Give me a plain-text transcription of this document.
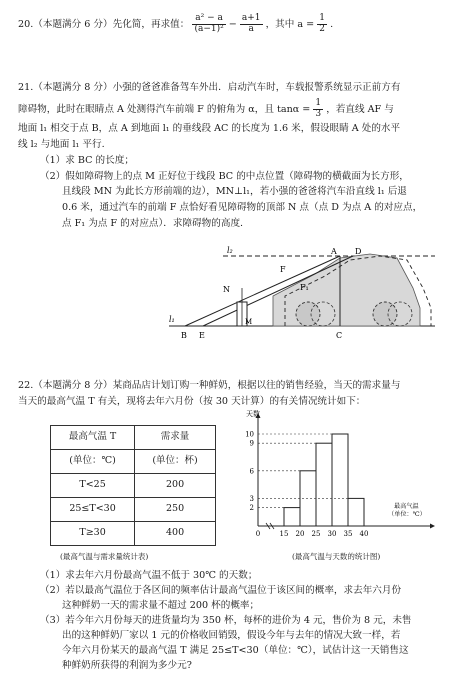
20.（本题满分 6 分）先化简，再求值： $\frac{\text{a² − a}}{\text{(a−1)²}} - \frac{a+1}{a}$ ，其中 $a = \frac{1}{2}$ .
21.（本题满分 8 分）小强的爸爸准备驾车外出．启动汽车时，车载报警系统显示正前方有
障碍物，此时在眼睛点 A 处测得汽车前端 F 的俯角为 α，且 $\tan\alpha = \frac{1}{3}$ ，若直线 AF 与
地面 l₁ 相交于点 B，点 A 到地面 l₁ 的垂线段 AC 的长度为 1.6 米，假设眼睛 A 处的水平
线 l₂ 与地面 l₁ 平行.
（1）求 BC 的长度；
（2）假如障碍物上的点 M 正好位于线段 BC 的中点位置（障碍物的横截面为长方形，
且线段 MN 为此长方形前端的边），MN⊥l₁，若小强的爸爸将汽车沿直线 l₁ 后退
0.6 米，通过汽车的前端 F 点恰好看见障碍物的顶部 N 点（点 D 为点 A 的对应点，
点 F₁ 为点 F 的对应点）．求障碍物的高度.
l₂	A D
F
F₁
N
l₁
B E
M
C
22.（本题满分 8 分）某商品店计划订购一种鲜奶，根据以往的销售经验，当天的需求量与
当天的最高气温 T 有关，现将去年六月份（按 30 天计算）的有关情况统计如下：
最高气温 T	需求量
(单位：℃)	(单位：杯)
T<25	200
25≤T<30	250
T≥30	400
(最高气温与需求量统计表)
天数
2
3
6
9
10
0	15 20 25 30 35 40
最高气温
（单位：℃）
(最高气温与天数的统计图)
（1）求去年六月份最高气温不低于 30℃ 的天数；
（2）若以最高气温位于各区间的频率估计最高气温位于该区间的概率，求去年六月份
这种鲜奶一天的需求量不超过 200 杯的概率；
（3）若今年六月份每天的进货量均为 350 杯，每杯的进价为 4 元，售价为 8 元，未售
出的这种鲜奶厂家以 1 元的价格收回销毁，假设今年与去年的情况大致一样，若
今年六月份某天的最高气温 T 满足 25≤T<30（单位：℃），试估计这一天销售这
种鲜奶所获得的利润为多少元?
